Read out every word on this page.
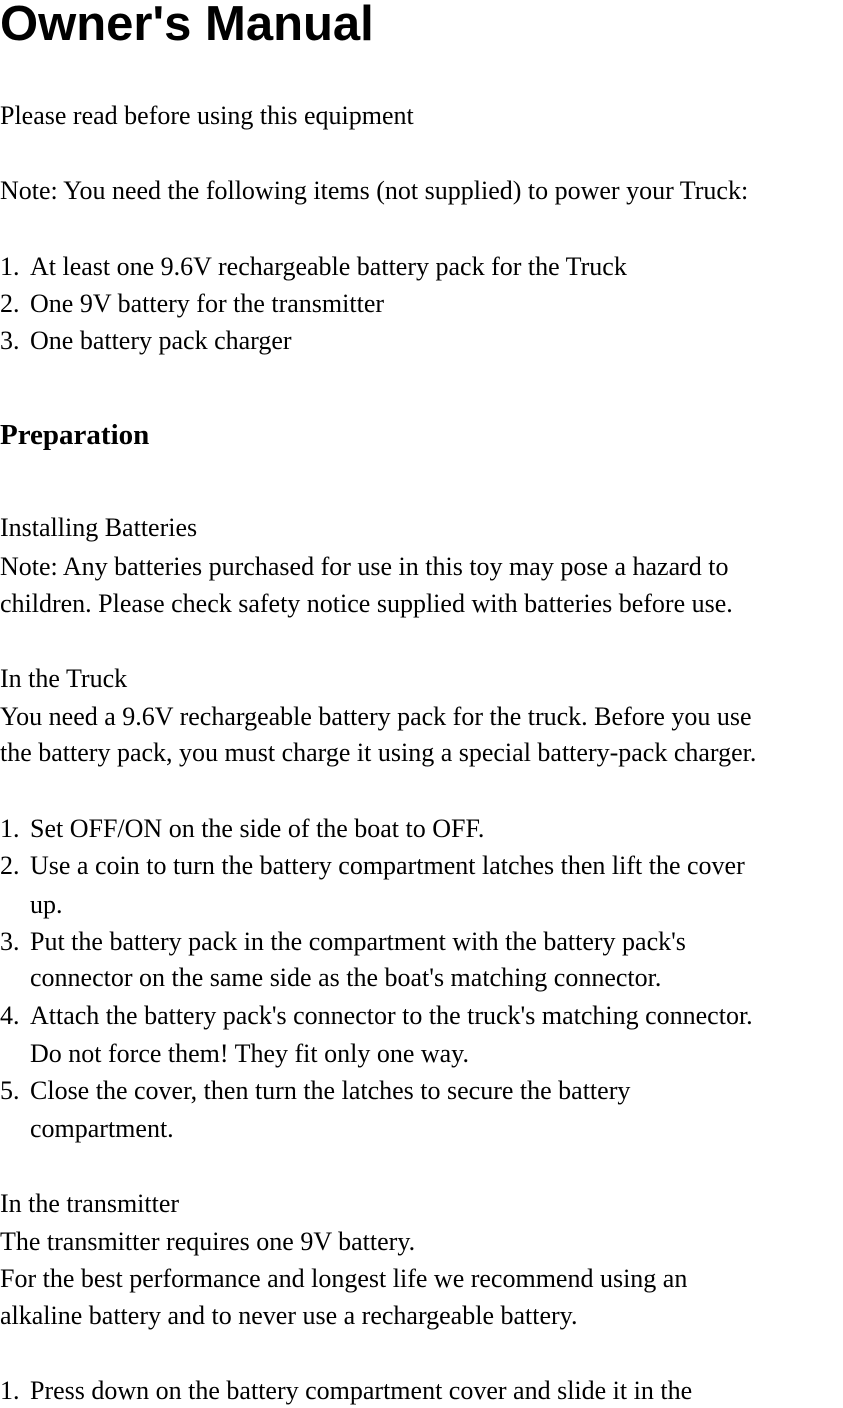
Owner's Manual

Please read before using this equipment

Note: You need the following items (not supplied) to power your Truck:

1. At least one 9.6V rechargeable battery pack for the Truck

2. One 9V battery for the transmitter

3. One battery pack charger

Preparation

Installing Batteries

Note: Any batteries purchased for use in this toy may pose a hazard to

children. Please check safety notice supplied with batteries before use.

In the Truck

You need a 9.6V rechargeable battery pack for the truck. Before you use

the battery pack, you must charge it using a special battery-pack charger.

1. Set OFF/ON on the side of the boat to OFF.

2. Use a coin to turn the battery compartment latches then lift the cover

up.

3. Put the battery pack in the compartment with the battery pack's

connector on the same side as the boat's matching connector.

4. Attach the battery pack's connector to the truck's matching connector.

Do not force them! They fit only one way.

5. Close the cover, then turn the latches to secure the battery

compartment.

In the transmitter

The transmitter requires one 9V battery.

For the best performance and longest life we recommend using an

alkaline battery and to never use a rechargeable battery.

1. Press down on the battery compartment cover and slide it in the
